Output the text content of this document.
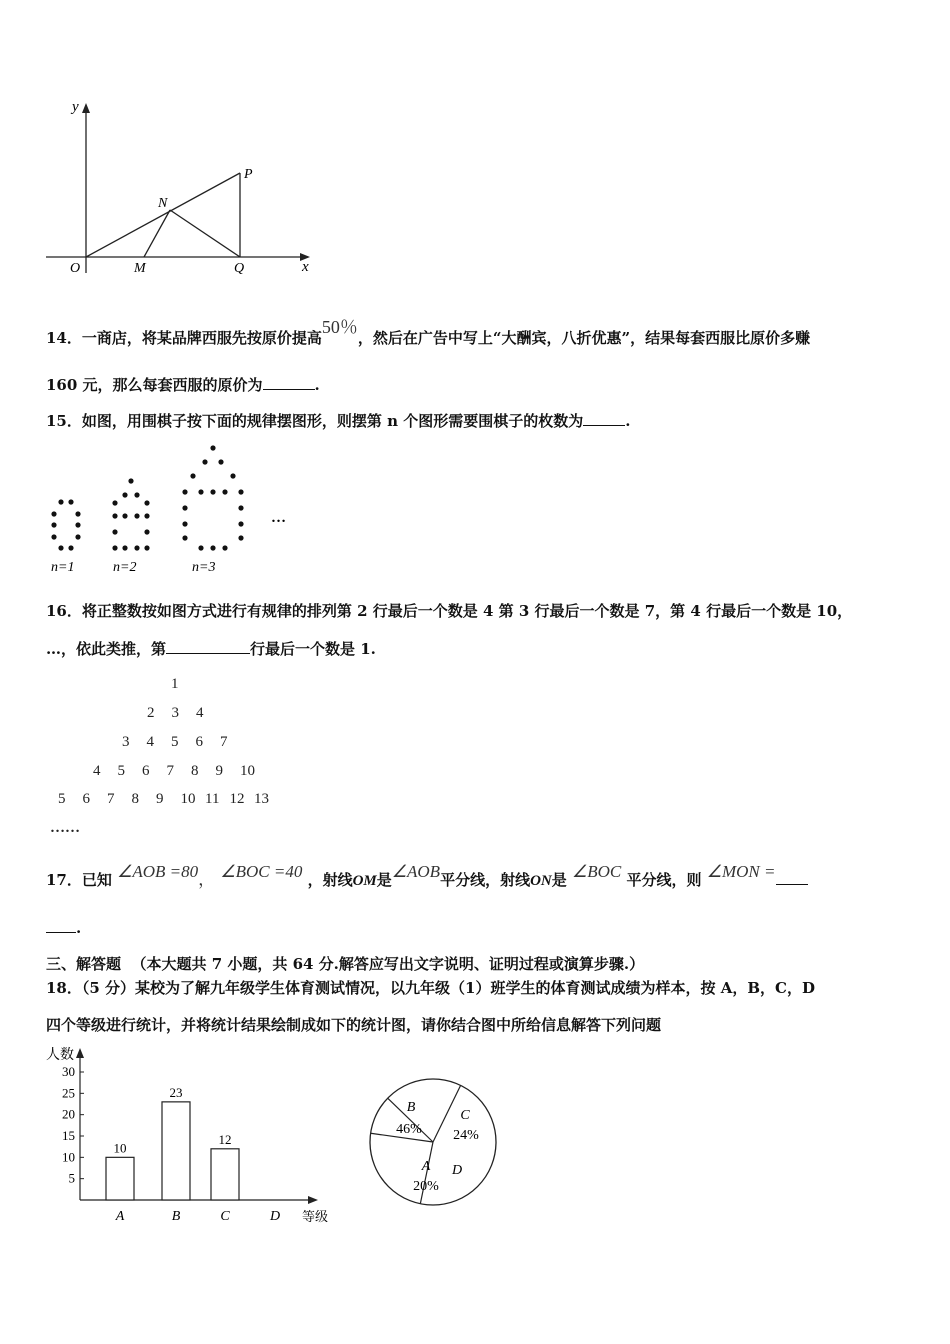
y
x
O	M
N
Q
P
14．一商店，将某品牌西服先按原价提高50％，然后在广告中写上“大酬宾，八折优惠”，结果每套西服比原价多赚
160 元，那么每套西服的原价为	.
15．如图，用围棋子按下面的规律摆图形，则摆第 n 个图形需要围棋子的枚数为	.
n=1	n=2	n=3
…
16．将正整数按如图方式进行有规律的排列第 2 行最后一个数是 4 第 3 行最后一个数是 7，第 4 行最后一个数是 10，
…，依此类推，第	行最后一个数是 1.
1
2 3 4
3 4 5 6 7
4 5 6 7 8 9 10
5 6 7 8 9 10 11 12 13
……
17．已知 ∠AOB =80， ∠BOC =40 ，射线OM是∠AOB平分线，射线ON是 ∠BOC 平分线，则 ∠MON =
.
三、解答题 （本大题共 7 小题，共 64 分.解答应写出文字说明、证明过程或演算步骤.）
18．（5 分）某校为了解九年级学生体育测试情况，以九年级（1）班学生的体育测试成绩为样本，按 A，B，C，D
四个等级进行统计，并将统计结果绘制成如下的统计图，请你结合图中所给信息解答下列问题
人数
等级
5
10
15
20
25
30
10
A
23
B
12
C	D
B
46%
C
24%
D
A
20%
